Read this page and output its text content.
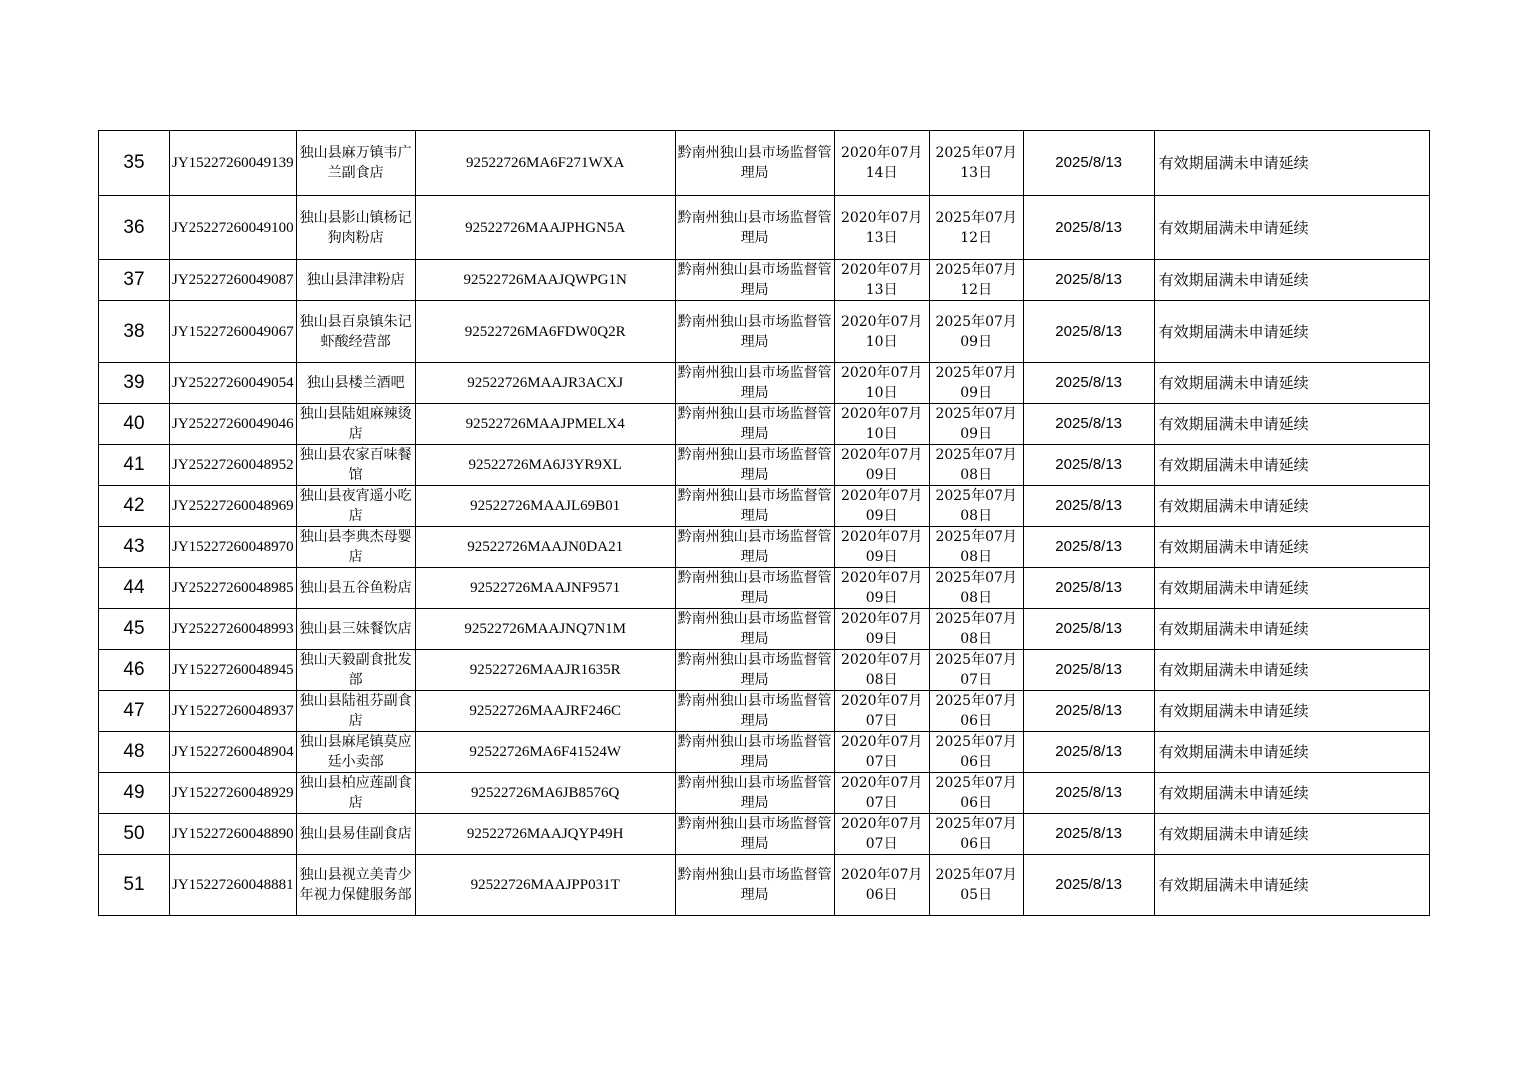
35	JY15227260049139	独山县麻万镇韦广兰副食店	92522726MA6F271WXA	黔南州独山县市场监督管理局	2020年07月14日	2025年07月13日	2025/8/13	有效期届满未申请延续
36	JY25227260049100	独山县影山镇杨记狗肉粉店	92522726MAAJPHGN5A	黔南州独山县市场监督管理局	2020年07月13日	2025年07月12日	2025/8/13	有效期届满未申请延续
37	JY25227260049087	独山县津津粉店	92522726MAAJQWPG1N	黔南州独山县市场监督管理局	2020年07月13日	2025年07月12日	2025/8/13	有效期届满未申请延续
38	JY15227260049067	独山县百泉镇朱记虾酸经营部	92522726MA6FDW0Q2R	黔南州独山县市场监督管理局	2020年07月10日	2025年07月09日	2025/8/13	有效期届满未申请延续
39	JY25227260049054	独山县楼兰酒吧	92522726MAAJR3ACXJ	黔南州独山县市场监督管理局	2020年07月10日	2025年07月09日	2025/8/13	有效期届满未申请延续
40	JY25227260049046	独山县陆姐麻辣烫店	92522726MAAJPMELX4	黔南州独山县市场监督管理局	2020年07月10日	2025年07月09日	2025/8/13	有效期届满未申请延续
41	JY25227260048952	独山县农家百味餐馆	92522726MA6J3YR9XL	黔南州独山县市场监督管理局	2020年07月09日	2025年07月08日	2025/8/13	有效期届满未申请延续
42	JY25227260048969	独山县夜宵遥小吃店	92522726MAAJL69B01	黔南州独山县市场监督管理局	2020年07月09日	2025年07月08日	2025/8/13	有效期届满未申请延续
43	JY15227260048970	独山县李典杰母婴店	92522726MAAJN0DA21	黔南州独山县市场监督管理局	2020年07月09日	2025年07月08日	2025/8/13	有效期届满未申请延续
44	JY25227260048985	独山县五谷鱼粉店	92522726MAAJNF9571	黔南州独山县市场监督管理局	2020年07月09日	2025年07月08日	2025/8/13	有效期届满未申请延续
45	JY25227260048993	独山县三妹餐饮店	92522726MAAJNQ7N1M	黔南州独山县市场监督管理局	2020年07月09日	2025年07月08日	2025/8/13	有效期届满未申请延续
46	JY15227260048945	独山天毅副食批发部	92522726MAAJR1635R	黔南州独山县市场监督管理局	2020年07月08日	2025年07月07日	2025/8/13	有效期届满未申请延续
47	JY15227260048937	独山县陆祖芬副食店	92522726MAAJRF246C	黔南州独山县市场监督管理局	2020年07月07日	2025年07月06日	2025/8/13	有效期届满未申请延续
48	JY15227260048904	独山县麻尾镇莫应廷小卖部	92522726MA6F41524W	黔南州独山县市场监督管理局	2020年07月07日	2025年07月06日	2025/8/13	有效期届满未申请延续
49	JY15227260048929	独山县柏应莲副食店	92522726MA6JB8576Q	黔南州独山县市场监督管理局	2020年07月07日	2025年07月06日	2025/8/13	有效期届满未申请延续
50	JY15227260048890	独山县易佳副食店	92522726MAAJQYP49H	黔南州独山县市场监督管理局	2020年07月07日	2025年07月06日	2025/8/13	有效期届满未申请延续
51	JY15227260048881	独山县视立美青少年视力保健服务部	92522726MAAJPP031T	黔南州独山县市场监督管理局	2020年07月06日	2025年07月05日	2025/8/13	有效期届满未申请延续
